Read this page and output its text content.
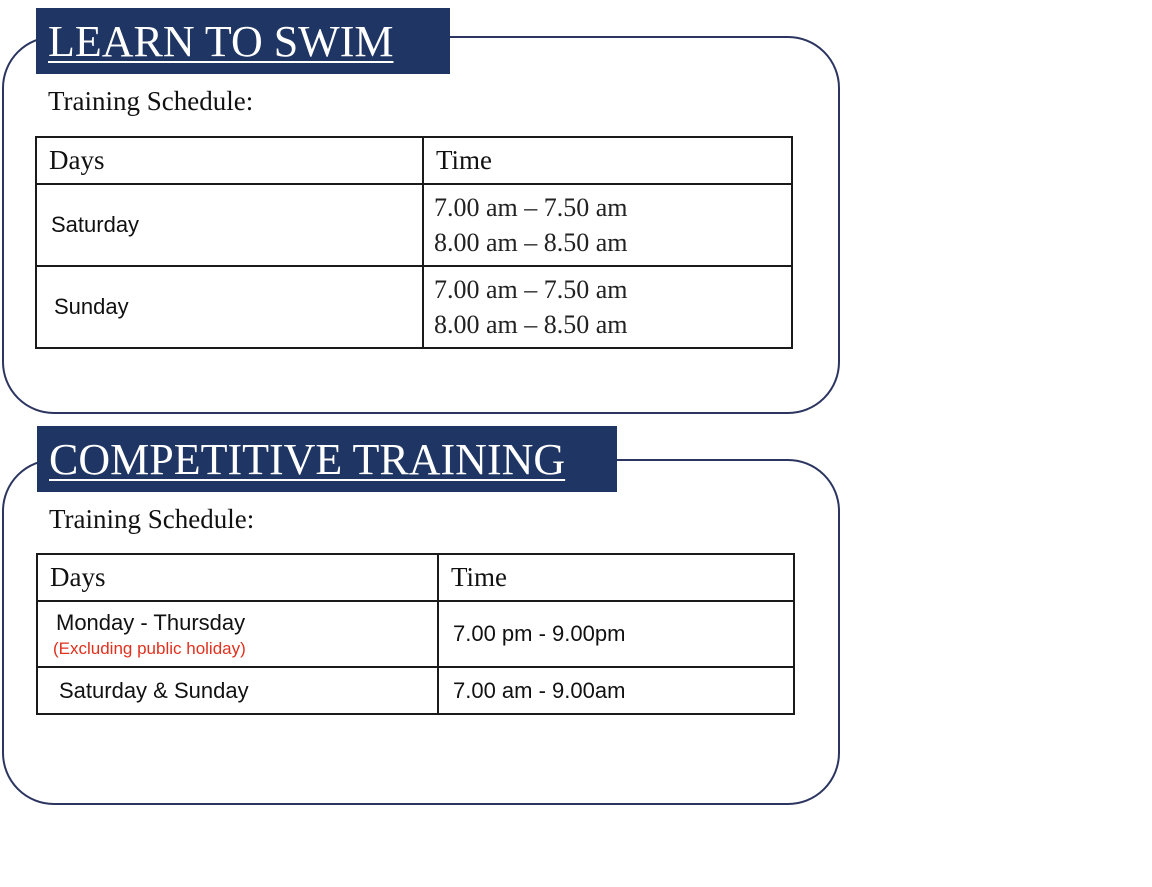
LEARN TO SWIM
Training Schedule:
Days	Time
Saturday	7.00 am – 7.50 am
8.00 am – 8.50 am

Sunday	7.00 am – 7.50 am
8.00 am – 8.50 am
COMPETITIVE TRAINING
Training Schedule:
Days	Time
Monday - Thursday
(Excluding public holiday)	7.00 pm - 9.00pm
Saturday & Sunday	7.00 am - 9.00am
